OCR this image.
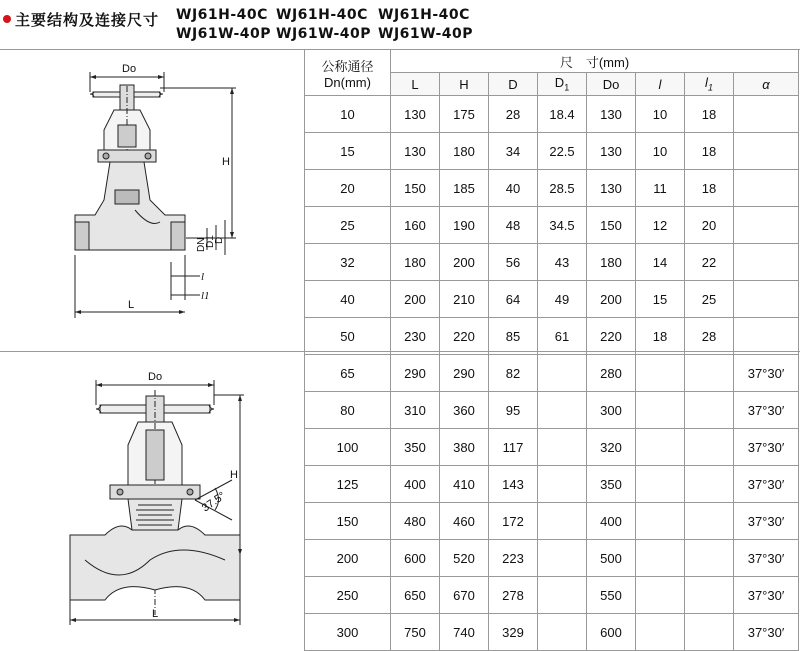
主要结构及连接尺寸 WJ61H-40C WJ61H-40C WJ61H-40C
WJ61W-40P WJ61W-40P WJ61W-40P
公称通径
Dn(mm)	尺　寸(mm)							
	L	H	D	$D_1$	Do	l	$l_1$	α
10	130	175	28	18.4	130	10	18	
15	130	180	34	22.5	130	10	18	
20	150	185	40	28.5	130	11	18	
25	160	190	48	34.5	150	12	20	
32	180	200	56	43	180	14	22	
40	200	210	64	49	200	15	25	
50	230	220	85	61	220	18	28	
65	290	290	82		280			37°30′
80	310	360	95		300			37°30′
100	350	380	117		320			37°30′
125	400	410	143		350			37°30′
150	480	460	172		400			37°30′
200	600	520	223		500			37°30′
250	650	670	278		550			37°30′
300	750	740	329		600			37°30′
Do
H
DN
D1
D
l
l1
L
Do
H
37.5°
L
